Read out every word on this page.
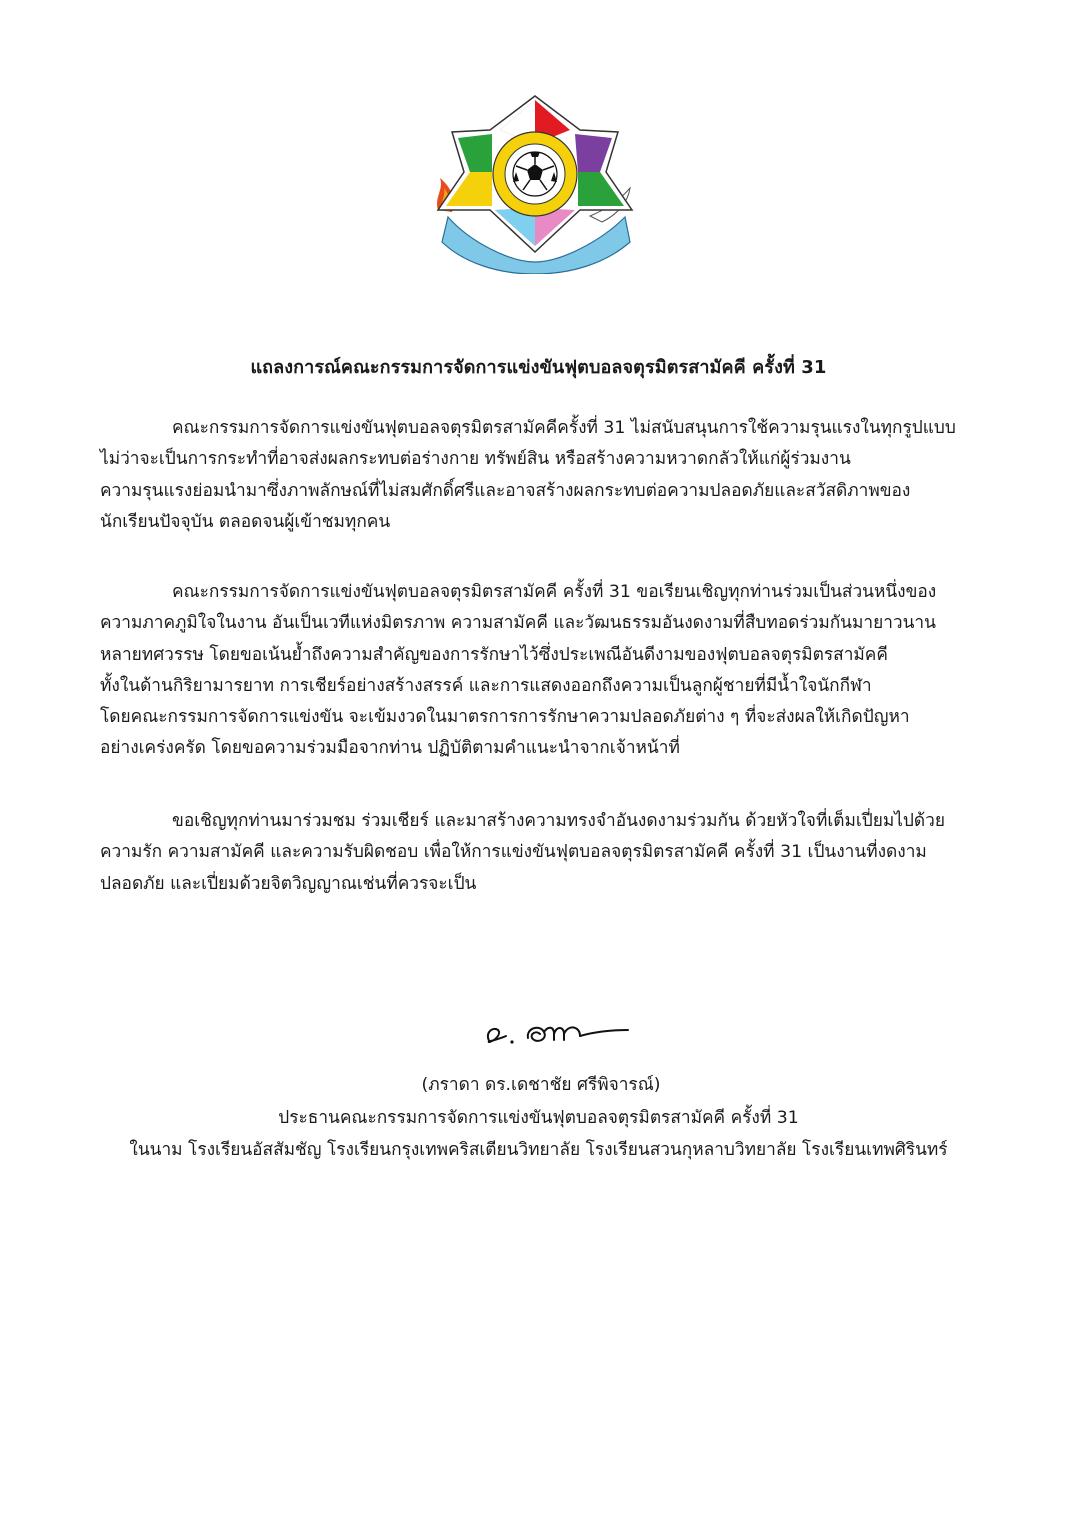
แถลงการณ์คณะกรรมการจัดการแข่งขันฟุตบอลจตุรมิตรสามัคคี ครั้งที่ 31
คณะกรรมการจัดการแข่งขันฟุตบอลจตุรมิตรสามัคคีครั้งที่ 31 ไม่สนับสนุนการใช้ความรุนแรงในทุกรูปแบบ
ไม่ว่าจะเป็นการกระทำที่อาจส่งผลกระทบต่อร่างกาย ทรัพย์สิน หรือสร้างความหวาดกลัวให้แก่ผู้ร่วมงาน
ความรุนแรงย่อมนำมาซึ่งภาพลักษณ์ที่ไม่สมศักดิ์ศรีและอาจสร้างผลกระทบต่อความปลอดภัยและสวัสดิภาพของ
นักเรียนปัจจุบัน ตลอดจนผู้เข้าชมทุกคน
คณะกรรมการจัดการแข่งขันฟุตบอลจตุรมิตรสามัคคี ครั้งที่ 31 ขอเรียนเชิญทุกท่านร่วมเป็นส่วนหนึ่งของ
ความภาคภูมิใจในงาน อันเป็นเวทีแห่งมิตรภาพ ความสามัคคี และวัฒนธรรมอันงดงามที่สืบทอดร่วมกันมายาวนาน
หลายทศวรรษ โดยขอเน้นย้ำถึงความสำคัญของการรักษาไว้ซึ่งประเพณีอันดีงามของฟุตบอลจตุรมิตรสามัคคี
ทั้งในด้านกิริยามารยาท การเชียร์อย่างสร้างสรรค์ และการแสดงออกถึงความเป็นลูกผู้ชายที่มีน้ำใจนักกีฬา
โดยคณะกรรมการจัดการแข่งขัน จะเข้มงวดในมาตรการการรักษาความปลอดภัยต่าง ๆ ที่จะส่งผลให้เกิดปัญหา
อย่างเคร่งครัด โดยขอความร่วมมือจากท่าน ปฏิบัติตามคำแนะนำจากเจ้าหน้าที่
ขอเชิญทุกท่านมาร่วมชม ร่วมเชียร์ และมาสร้างความทรงจำอันงดงามร่วมกัน ด้วยหัวใจที่เต็มเปี่ยมไปด้วย
ความรัก ความสามัคคี และความรับผิดชอบ เพื่อให้การแข่งขันฟุตบอลจตุรมิตรสามัคคี ครั้งที่ 31 เป็นงานที่งดงาม
ปลอดภัย และเปี่ยมด้วยจิตวิญญาณเช่นที่ควรจะเป็น
(ภราดา ดร.เดชาชัย ศรีพิจารณ์)
ประธานคณะกรรมการจัดการแข่งขันฟุตบอลจตุรมิตรสามัคคี ครั้งที่ 31
ในนาม โรงเรียนอัสสัมชัญ โรงเรียนกรุงเทพคริสเตียนวิทยาลัย โรงเรียนสวนกุหลาบวิทยาลัย โรงเรียนเทพศิรินทร์
